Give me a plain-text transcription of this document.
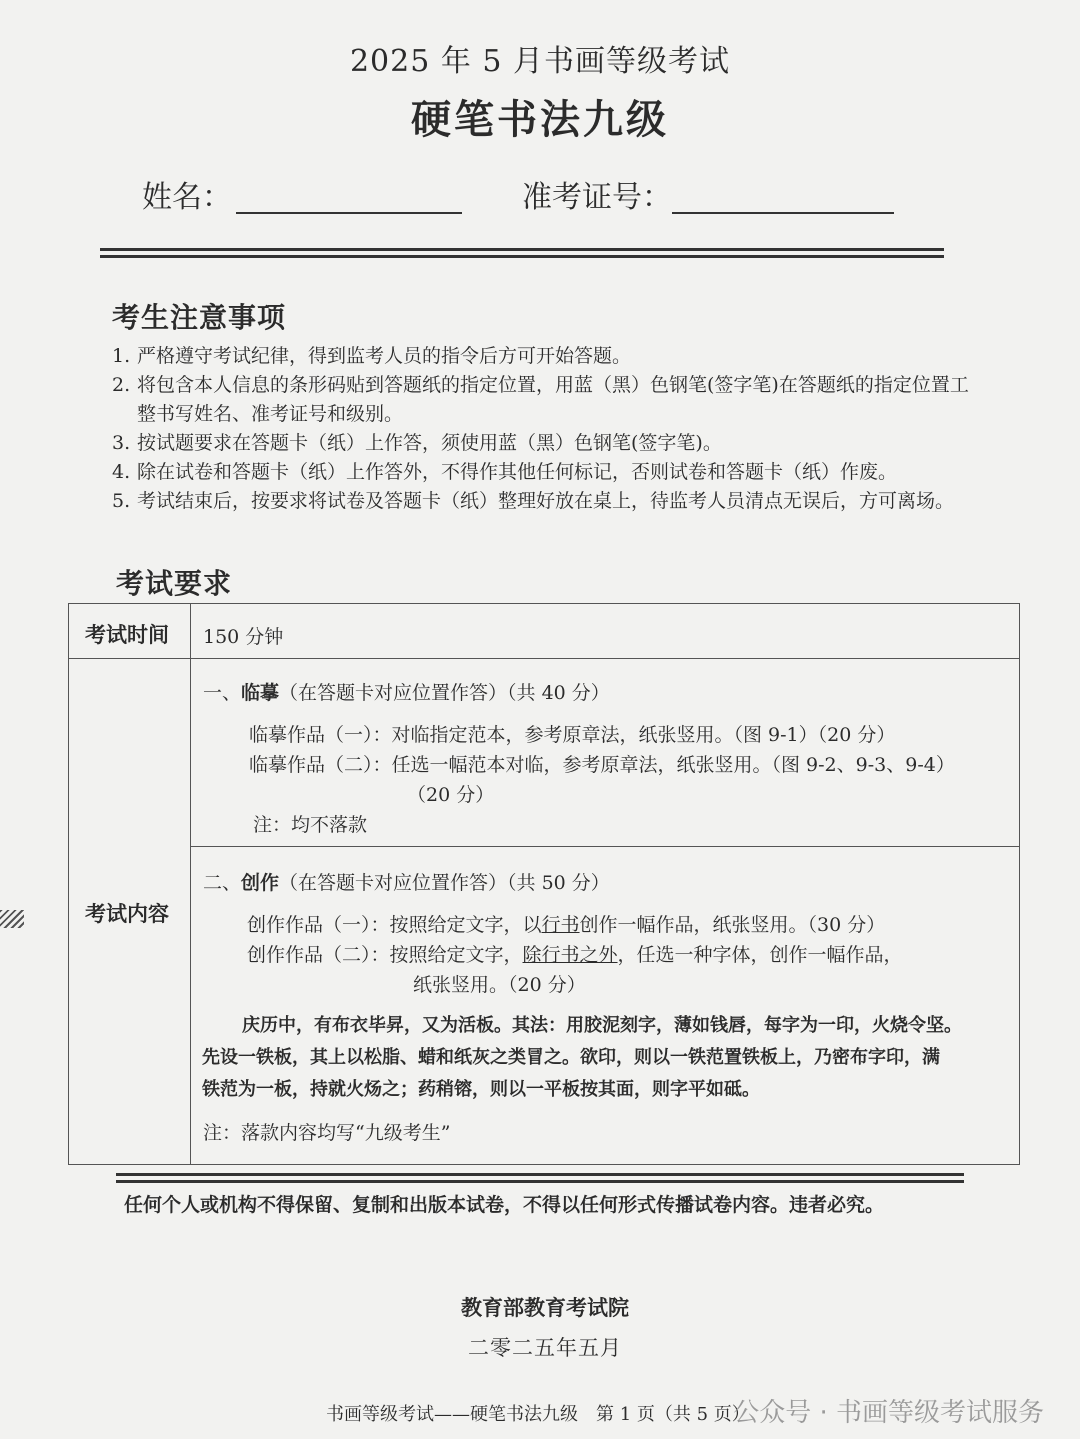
2025 年 5 月书画等级考试
硬笔书法九级
姓名：	准考证号：
考生注意事项
1. 严格遵守考试纪律，得到监考人员的指令后方可开始答题。
2. 将包含本人信息的条形码贴到答题纸的指定位置，用蓝（黑）色钢笔(签字笔)在答题纸的指定位置工整书写姓名、准考证号和级别。
3. 按试题要求在答题卡（纸）上作答，须使用蓝（黑）色钢笔(签字笔)。
4. 除在试卷和答题卡（纸）上作答外，不得作其他任何标记，否则试卷和答题卡（纸）作废。
5. 考试结束后，按要求将试卷及答题卡（纸）整理好放在桌上，待监考人员清点无误后，方可离场。
考试要求
考试时间 150 分钟
考试内容
一、临摹（在答题卡对应位置作答）（共 40 分）
临摹作品（一）：对临指定范本，参考原章法，纸张竖用。（图 9-1）（20 分）
临摹作品（二）：任选一幅范本对临，参考原章法，纸张竖用。（图 9-2、9-3、9-4）
（20 分）
注：均不落款
二、创作（在答题卡对应位置作答）（共 50 分）
创作作品（一）：按照给定文字，以行书创作一幅作品，纸张竖用。（30 分）
创作作品（二）：按照给定文字，除行书之外，任选一种字体，创作一幅作品，
纸张竖用。（20 分）
注：落款内容均写“九级考生”
庆历中，有布衣毕昇，又为活板。其法：用胶泥刻字，薄如钱唇，每字为一印，火烧令坚。
先设一铁板，其上以松脂、蜡和纸灰之类冒之。欲印，则以一铁范置铁板上，乃密布字印，满
铁范为一板，持就火炀之；药稍镕，则以一平板按其面，则字平如砥。
任何个人或机构不得保留、复制和出版本试卷，不得以任何形式传播试卷内容。违者必究。
教育部教育考试院
二零二五年五月
书画等级考试——硬笔书法九级　第 1 页（共 5 页）
公众号 · 书画等级考试服务
